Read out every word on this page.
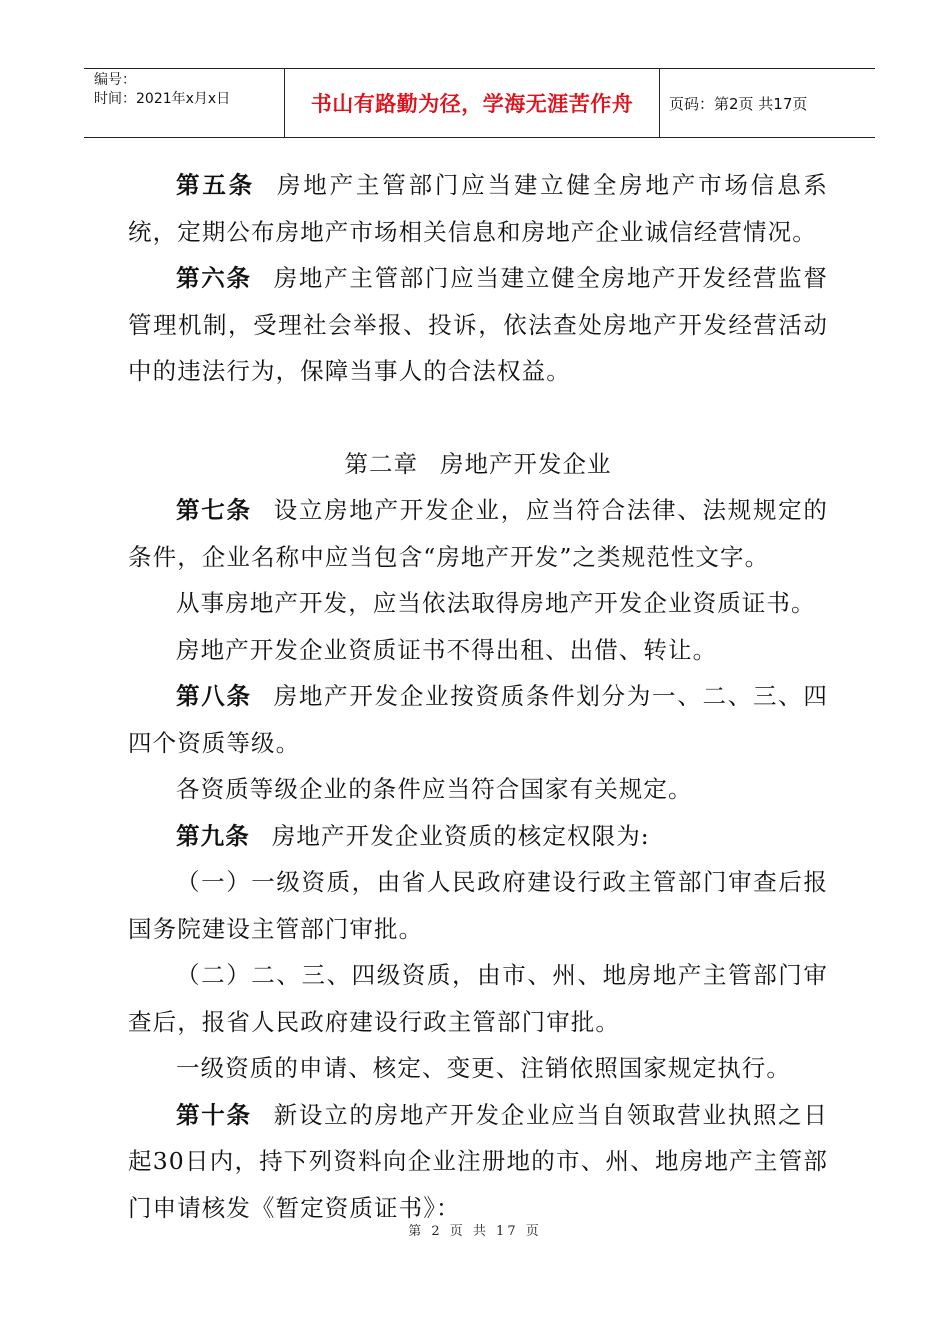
编号：
时间：2021年x月x日	书山有路勤为径，学海无涯苦作舟	页码：第2页 共17页

第五条 房地产主管部门应当建立健全房地产市场信息系统，定期公布房地产市场相关信息和房地产企业诚信经营情况。

第六条 房地产主管部门应当建立健全房地产开发经营监督管理机制，受理社会举报、投诉，依法查处房地产开发经营活动中的违法行为，保障当事人的合法权益。

第二章 房地产开发企业

第七条 设立房地产开发企业，应当符合法律、法规规定的条件，企业名称中应当包含“房地产开发”之类规范性文字。

从事房地产开发，应当依法取得房地产开发企业资质证书。

房地产开发企业资质证书不得出租、出借、转让。

第八条 房地产开发企业按资质条件划分为一、二、三、四四个资质等级。

各资质等级企业的条件应当符合国家有关规定。

第九条 房地产开发企业资质的核定权限为:

（一）一级资质，由省人民政府建设行政主管部门审查后报国务院建设主管部门审批。

（二）二、三、四级资质，由市、州、地房地产主管部门审查后，报省人民政府建设行政主管部门审批。

一级资质的申请、核定、变更、注销依照国家规定执行。

第十条 新设立的房地产开发企业应当自领取营业执照之日起30日内，持下列资料向企业注册地的市、州、地房地产主管部门申请核发《暂定资质证书》：

第 2 页 共 17 页
